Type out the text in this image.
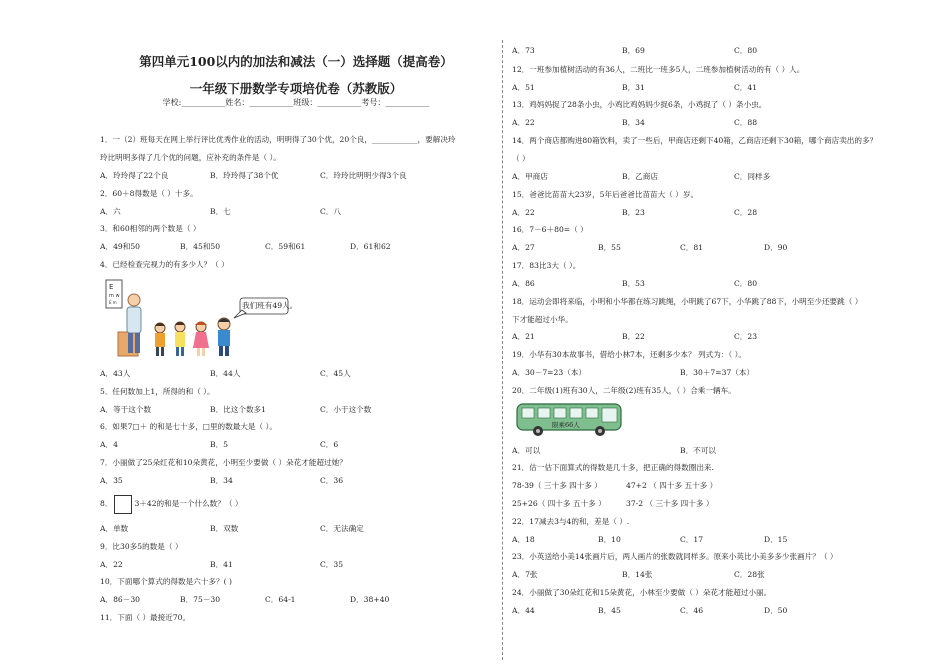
第四单元100以内的加法和减法（一）选择题（提高卷）
一年级下册数学专项培优卷（苏教版）
学校:___________姓名：___________班级：___________考号：___________
1．一（2）班每天在网上举行评比优秀作业的活动，明明得了30个优，20个良，____________，要解决玲
玲比明明多得了几个优的问题，应补充的条件是（ ）。
A．玲玲得了22个良	B．玲玲得了38个优	C．玲玲比明明少得3个良
2．60＋8得数是（ ）十多。
A．六	B．七	C．八
3．和60相邻的两个数是（ ）
A．49和50	B．45和50	C．59和61	D．61和62
4．已经检查完视力的有多少人？（ ）
E
m w
E m	我们班有49人。
A．43人	B．44人	C．45人
5．任何数加上1，所得的和（ ）。
A．等于这个数	B．比这个数多1	C．小于这个数
6．如果7□＋ 的和是七十多，□里的数最大是（ ）。
A．4	B．5	C．6
7．小丽做了25朵红花和10朵黄花，小明至少要做（ ）朵花才能超过她？
A．35	B．34	C．36
8．	3＋42的和是一个什么数？（ ）
A．单数	B．双数	C．无法确定
9．比30多5的数是（ ）
A．22	B．41	C．35
10．下面哪个算式的得数是六十多？( )
A．86－30	B．75－30	C．64-1	D．38+40
11．下面（ ）最接近70。
A．73	B．69	C．80
12．一班参加植树活动的有36人，二班比一班多5人，二班参加植树活动的有（ ）人。
A．51	B．31	C．41
13．鸡妈妈捉了28条小虫，小鸡比鸡妈妈少捉6条，小鸡捉了（ ）条小虫。
A．22	B．34	C．88
14．两个商店都购进80箱饮料，卖了一些后，甲商店还剩下40箱，乙商店还剩下30箱，哪个商店卖出的多？
（ ）
A．甲商店	B．乙商店	C．同样多
15．爸爸比苗苗大23岁，5年后爸爸比苗苗大（ ）岁。
A．22	B．23	C．28
16．7－6＋80=（ ）
A．27	B．55	C．81	D．90
17．83比3大（ ）。
A．86	B．53	C．80
18．运动会即将来临，小明和小华都在练习跳绳，小明跳了67下，小华跳了88下，小明至少还要跳（ ）
下才能超过小华。
A．21	B．22	C．23
19．小华有30本故事书，借给小林7本，还剩多少本？ 列式为：（ ）。
A．30－7=23（本）	B．30＋7=37（本）
20．二年级(1)班有30人，二年级(2)班有35人，（ ）合乘一辆车。
限乘66人
A．可以	B．不可以
21．估一估下面算式的得数是几十多，把正确的得数圈出来.
78-39（ 三十多 四十多 ）	47+2 （ 四十多 五十多 ）
25+26（ 四十多 五十多 ）	37-2 （ 三十多 四十多 ）
22．17减去3与4的和，差是（ ）.
A．18	B．10	C．17	D．15
23．小英送给小美14张画片后，两人画片的张数就同样多。原来小英比小美多多少张画片？（ ）
A．7张	B．14张	C．28张
24．小丽做了30朵红花和15朵黄花，小林至少要做（ ）朵花才能超过小丽。
A．44	B．45	C．46	D．50
